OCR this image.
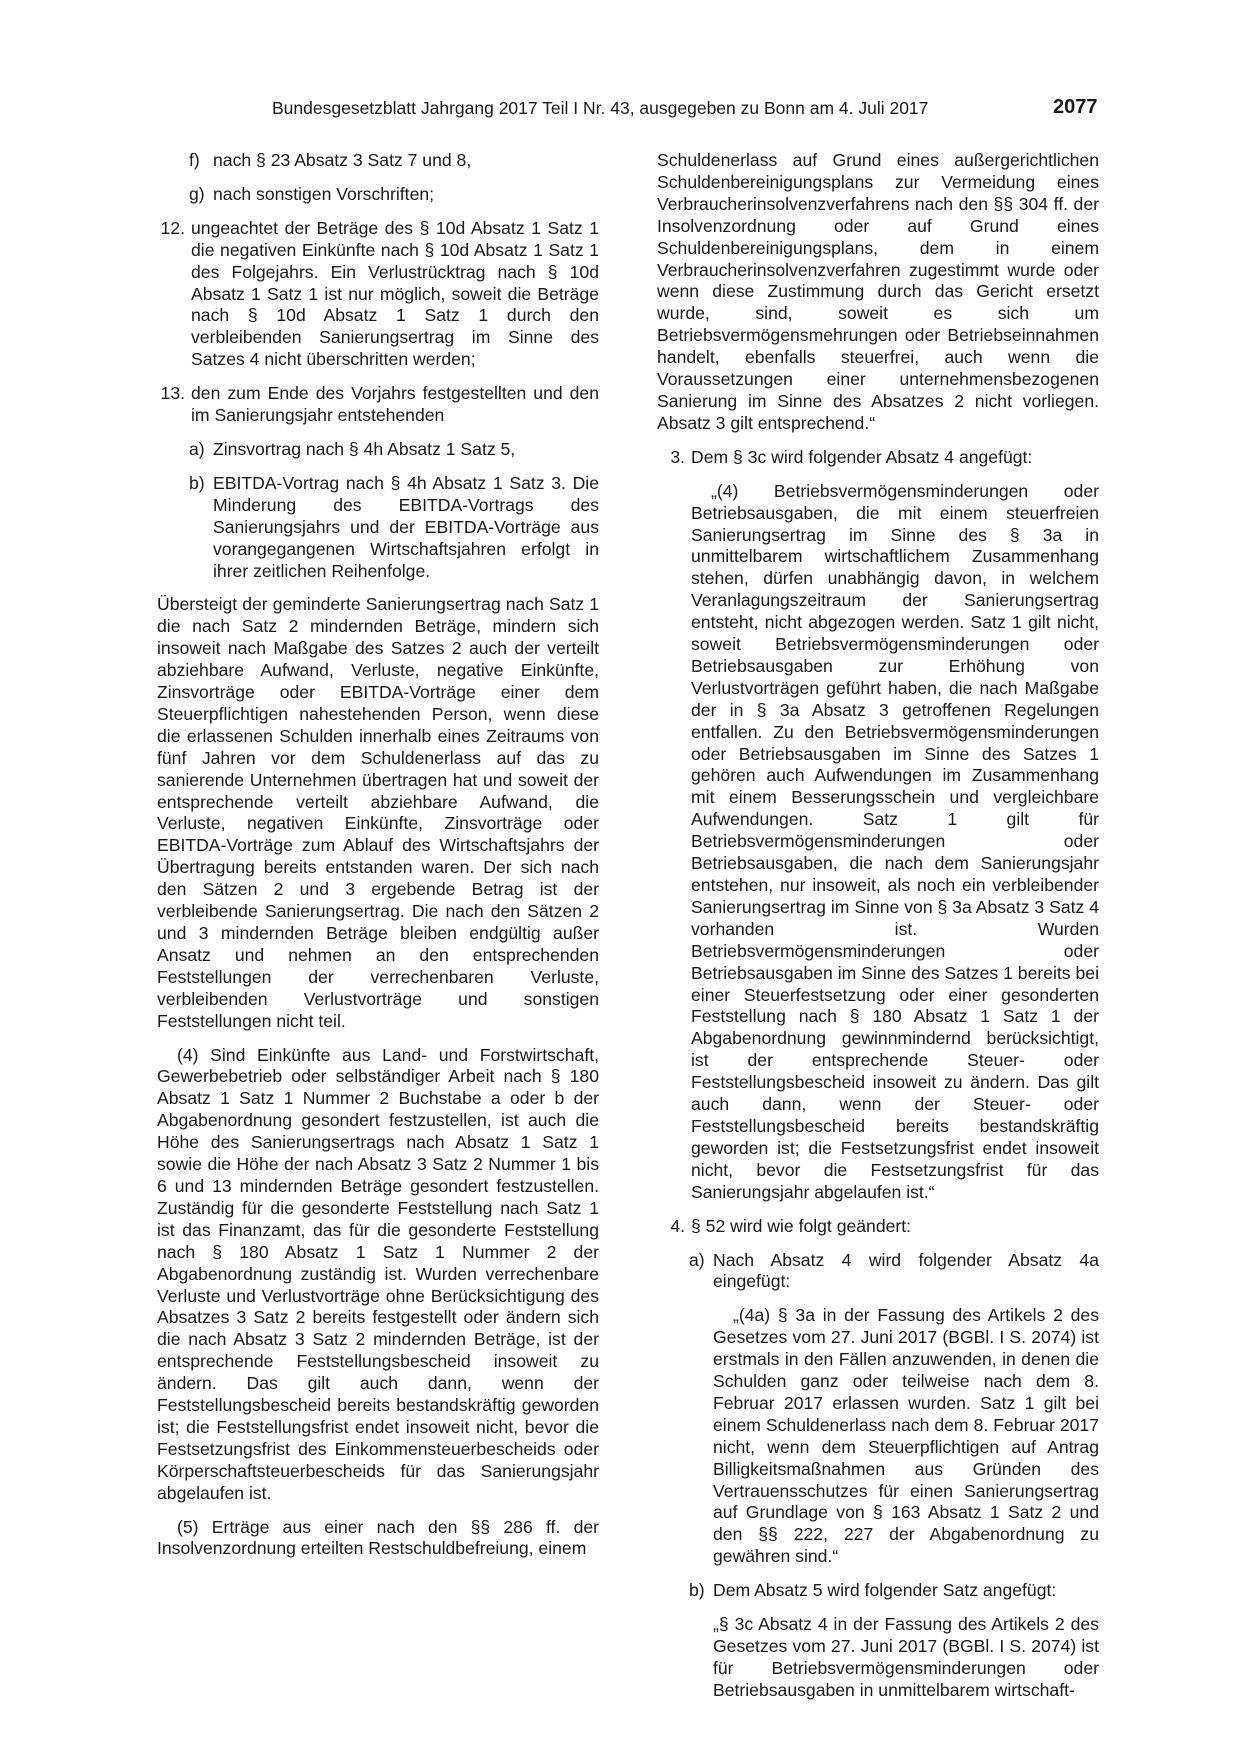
Bundesgesetzblatt Jahrgang 2017 Teil I Nr. 43, ausgegeben zu Bonn am 4. Juli 2017	2077
f) nach § 23 Absatz 3 Satz 7 und 8,
g) nach sonstigen Vorschriften;
12. ungeachtet der Beträge des § 10d Absatz 1 Satz 1 die negativen Einkünfte nach § 10d Absatz 1 Satz 1 des Folgejahrs. Ein Verlustrücktrag nach § 10d Absatz 1 Satz 1 ist nur möglich, soweit die Beträge nach § 10d Absatz 1 Satz 1 durch den verbleibenden Sanierungsertrag im Sinne des Satzes 4 nicht überschritten werden;
13. den zum Ende des Vorjahrs festgestellten und den im Sanierungsjahr entstehenden
a) Zinsvortrag nach § 4h Absatz 1 Satz 5,
b) EBITDA-Vortrag nach § 4h Absatz 1 Satz 3. Die Minderung des EBITDA-Vortrags des Sanierungsjahrs und der EBITDA-Vorträge aus vorangegangenen Wirtschaftsjahren erfolgt in ihrer zeitlichen Reihenfolge.
Übersteigt der geminderte Sanierungsertrag nach Satz 1 die nach Satz 2 mindernden Beträge, mindern sich insoweit nach Maßgabe des Satzes 2 auch der verteilt abziehbare Aufwand, Verluste, negative Einkünfte, Zinsvorträge oder EBITDA-Vorträge einer dem Steuerpflichtigen nahestehenden Person, wenn diese die erlassenen Schulden innerhalb eines Zeitraums von fünf Jahren vor dem Schuldenerlass auf das zu sanierende Unternehmen übertragen hat und soweit der entsprechende verteilt abziehbare Aufwand, die Verluste, negativen Einkünfte, Zinsvorträge oder EBITDA-Vorträge zum Ablauf des Wirtschaftsjahrs der Übertragung bereits entstanden waren. Der sich nach den Sätzen 2 und 3 ergebende Betrag ist der verbleibende Sanierungsertrag. Die nach den Sätzen 2 und 3 mindernden Beträge bleiben endgültig außer Ansatz und nehmen an den entsprechenden Feststellungen der verrechenbaren Verluste, verbleibenden Verlustvorträge und sonstigen Feststellungen nicht teil.
(4) Sind Einkünfte aus Land- und Forstwirtschaft, Gewerbebetrieb oder selbständiger Arbeit nach § 180 Absatz 1 Satz 1 Nummer 2 Buchstabe a oder b der Abgabenordnung gesondert festzustellen, ist auch die Höhe des Sanierungsertrags nach Absatz 1 Satz 1 sowie die Höhe der nach Absatz 3 Satz 2 Nummer 1 bis 6 und 13 mindernden Beträge gesondert festzustellen. Zuständig für die gesonderte Feststellung nach Satz 1 ist das Finanzamt, das für die gesonderte Feststellung nach § 180 Absatz 1 Satz 1 Nummer 2 der Abgabenordnung zuständig ist. Wurden verrechenbare Verluste und Verlustvorträge ohne Berücksichtigung des Absatzes 3 Satz 2 bereits festgestellt oder ändern sich die nach Absatz 3 Satz 2 mindernden Beträge, ist der entsprechende Feststellungsbescheid insoweit zu ändern. Das gilt auch dann, wenn der Feststellungsbescheid bereits bestandskräftig geworden ist; die Feststellungsfrist endet insoweit nicht, bevor die Festsetzungsfrist des Einkommensteuerbescheids oder Körperschaftsteuerbescheids für das Sanierungsjahr abgelaufen ist.
(5) Erträge aus einer nach den §§ 286 ff. der Insolvenzordnung erteilten Restschuldbefreiung, einem
Schuldenerlass auf Grund eines außergerichtlichen Schuldenbereinigungsplans zur Vermeidung eines Verbraucherinsolvenzverfahrens nach den §§ 304 ff. der Insolvenzordnung oder auf Grund eines Schuldenbereinigungsplans, dem in einem Verbraucherinsolvenzverfahren zugestimmt wurde oder wenn diese Zustimmung durch das Gericht ersetzt wurde, sind, soweit es sich um Betriebsvermögensmehrungen oder Betriebseinnahmen handelt, ebenfalls steuerfrei, auch wenn die Voraussetzungen einer unternehmensbezogenen Sanierung im Sinne des Absatzes 2 nicht vorliegen. Absatz 3 gilt entsprechend.“
3. Dem § 3c wird folgender Absatz 4 angefügt:
„(4) Betriebsvermögensminderungen oder Betriebsausgaben, die mit einem steuerfreien Sanierungsertrag im Sinne des § 3a in unmittelbarem wirtschaftlichem Zusammenhang stehen, dürfen unabhängig davon, in welchem Veranlagungszeitraum der Sanierungsertrag entsteht, nicht abgezogen werden. Satz 1 gilt nicht, soweit Betriebsvermögensminderungen oder Betriebsausgaben zur Erhöhung von Verlustvorträgen geführt haben, die nach Maßgabe der in § 3a Absatz 3 getroffenen Regelungen entfallen. Zu den Betriebsvermögensminderungen oder Betriebsausgaben im Sinne des Satzes 1 gehören auch Aufwendungen im Zusammenhang mit einem Besserungsschein und vergleichbare Aufwendungen. Satz 1 gilt für Betriebsvermögensminderungen oder Betriebsausgaben, die nach dem Sanierungsjahr entstehen, nur insoweit, als noch ein verbleibender Sanierungsertrag im Sinne von § 3a Absatz 3 Satz 4 vorhanden ist. Wurden Betriebsvermögensminderungen oder Betriebsausgaben im Sinne des Satzes 1 bereits bei einer Steuerfestsetzung oder einer gesonderten Feststellung nach § 180 Absatz 1 Satz 1 der Abgabenordnung gewinnmindernd berücksichtigt, ist der entsprechende Steuer- oder Feststellungsbescheid insoweit zu ändern. Das gilt auch dann, wenn der Steuer- oder Feststellungsbescheid bereits bestandskräftig geworden ist; die Festsetzungsfrist endet insoweit nicht, bevor die Festsetzungsfrist für das Sanierungsjahr abgelaufen ist.“
4. § 52 wird wie folgt geändert:
a) Nach Absatz 4 wird folgender Absatz 4a eingefügt:
„(4a) § 3a in der Fassung des Artikels 2 des Gesetzes vom 27. Juni 2017 (BGBl. I S. 2074) ist erstmals in den Fällen anzuwenden, in denen die Schulden ganz oder teilweise nach dem 8. Februar 2017 erlassen wurden. Satz 1 gilt bei einem Schuldenerlass nach dem 8. Februar 2017 nicht, wenn dem Steuerpflichtigen auf Antrag Billigkeitsmaßnahmen aus Gründen des Vertrauensschutzes für einen Sanierungsertrag auf Grundlage von § 163 Absatz 1 Satz 2 und den §§ 222, 227 der Abgabenordnung zu gewähren sind.“
b) Dem Absatz 5 wird folgender Satz angefügt:
„§ 3c Absatz 4 in der Fassung des Artikels 2 des Gesetzes vom 27. Juni 2017 (BGBl. I S. 2074) ist für Betriebsvermögensminderungen oder Betriebsausgaben in unmittelbarem wirtschaft-
